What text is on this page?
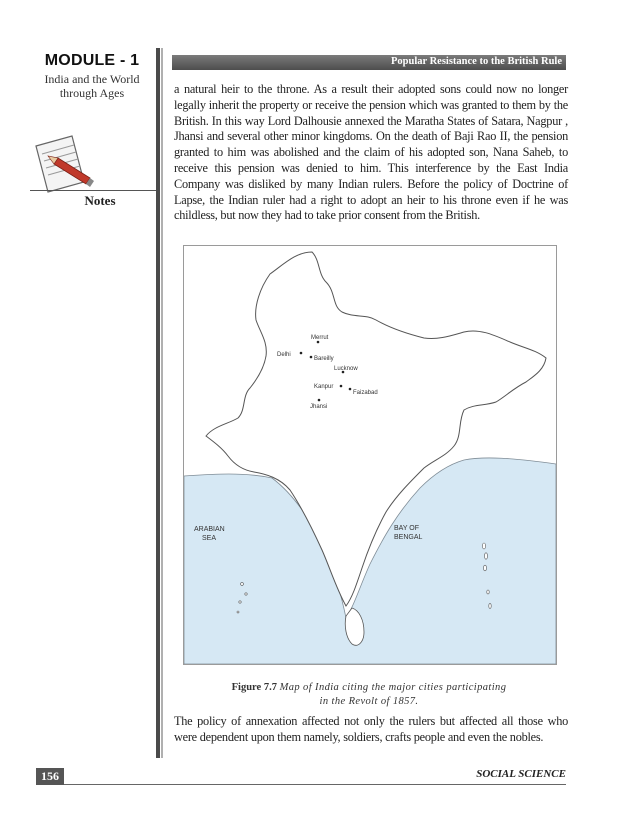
MODULE - 1
India and the World
through Ages
Notes
Popular Resistance to the British Rule
a natural heir to the throne. As a result their adopted sons could now no longer legally inherit the property or receive the pension which was granted to them by the British. In this way Lord Dalhousie annexed the Maratha States of Satara, Nagpur , Jhansi and several other minor kingdoms. On the death of Baji Rao II, the pension granted to him was abolished and the claim of his adopted son, Nana Saheb, to receive this pension was denied to him. This interference by the East India Company was disliked by many Indian rulers. Before the policy of Doctrine of Lapse, the Indian ruler had a right to adopt an heir to his throne even if he was childless, but now they had to take prior consent from the British.
Merrut
Delhi
Bareilly
Lucknow
Kanpur
Faizabad
Jhansi
ARABIAN
SEA
BAY OF
BENGAL
Figure 7.7 Map of India citing the major cities participating
in the Revolt of 1857.
The policy of annexation affected not only the rulers but affected all those who were dependent upon them namely, soldiers, crafts people and even the nobles.
156	SOCIAL SCIENCE
